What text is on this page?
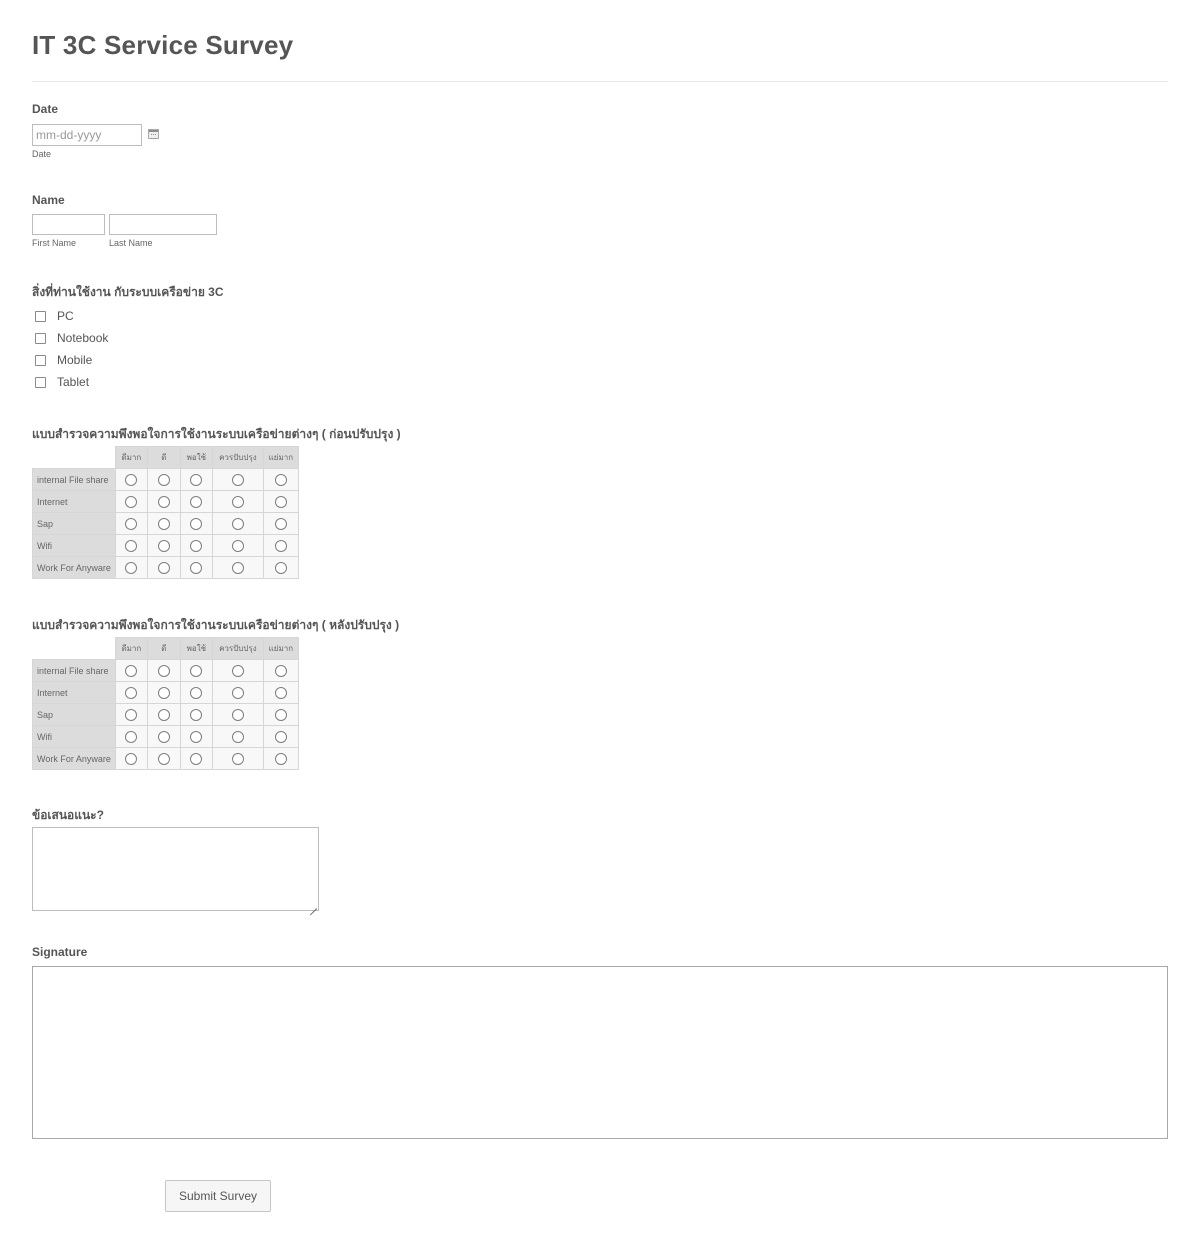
IT 3C Service Survey
Date
mm-dd-yyyy
Date
Name
First Name	Last Name
สิ่งที่ท่านใช้งาน กับระบบเครือข่าย 3C
PC
Notebook
Mobile
Tablet
แบบสำรวจความพึงพอใจการใช้งานระบบเครือข่ายต่างๆ ( ก่อนปรับปรุง )
	ดีมาก	ดี	พอใช้	ควรปับปรุง	แย่มาก
internal File share					
Internet					
Sap					
Wifi					
Work For Anyware					
แบบสำรวจความพึงพอใจการใช้งานระบบเครือข่ายต่างๆ ( หลังปรับปรุง )
	ดีมาก	ดี	พอใช้	ควรปับปรุง	แย่มาก
internal File share					
Internet					
Sap					
Wifi					
Work For Anyware					
ข้อเสนอแนะ?
Signature
Submit Survey
